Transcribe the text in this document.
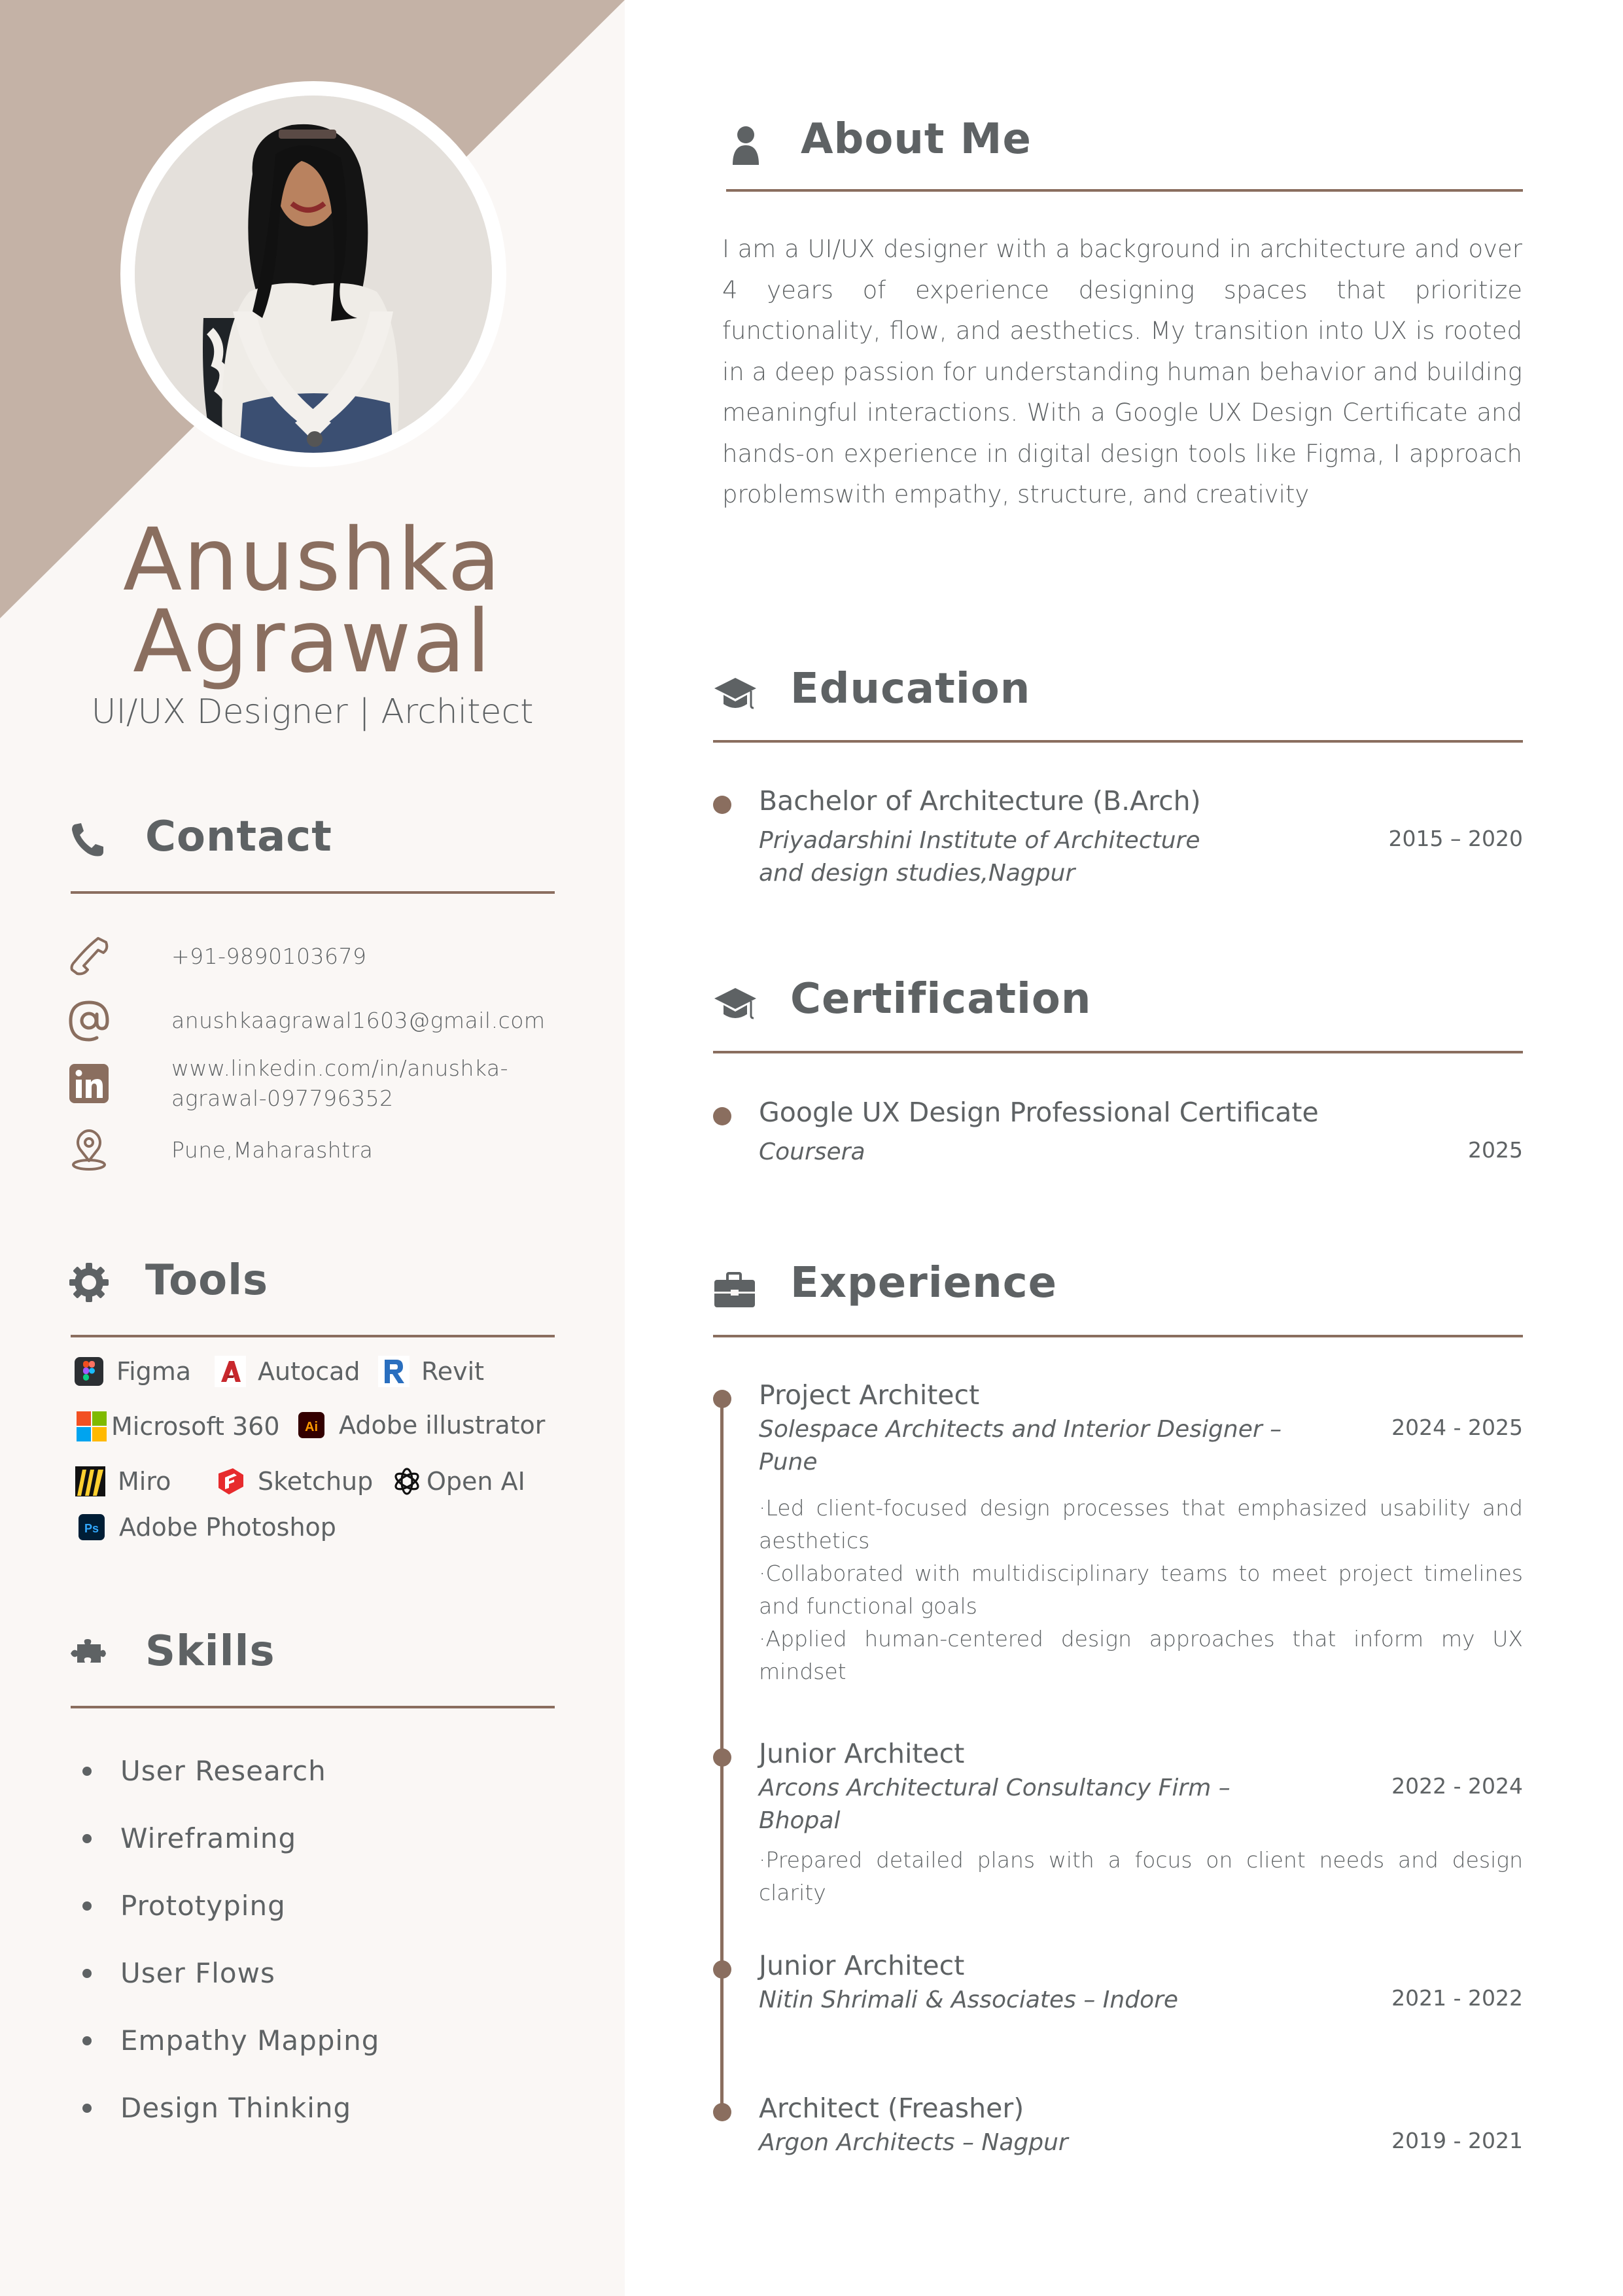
Anushka
Agrawal
UI/UX Designer | Architect
Contact
+91-9890103679
anushkaagrawal1603@gmail.com
www.linkedin.com/in/anushka-agrawal-097796352
Pune,Maharashtra
Tools
Figma	Autocad Revit
Microsoft 360 Ai Adobe illustrator
Miro	Sketchup Open AI
Ps Adobe Photoshop
Skills
User Research
Wireframing
Prototyping
User Flows
Empathy Mapping
Design Thinking
About Me

I am a UI/UX designer with a background in architecture and over 4 years of experience designing spaces that prioritize functionality, flow, and aesthetics. My transition into UX is rooted in a deep passion for understanding human behavior and building meaningful interactions. With a Google UX Design Certificate and hands-on experience in digital design tools like Figma, I approach problemswith empathy, structure, and creativity

Education
Bachelor of Architecture (B.Arch)
Priyadarshini Institute of Architecture and design studies,Nagpur
2015 – 2020
Certification
Google UX Design Professional Certificate
Coursera	2025
Experience
Project Architect
Solespace Architects and Interior Designer – Pune
2024 - 2025
·Led client-focused design processes that emphasized usability and aesthetics
·Collaborated with multidisciplinary teams to meet project timelines and functional goals
·Applied human-centered design approaches that inform my UX mindset
Junior Architect
Arcons Architectural Consultancy Firm – Bhopal
2022 - 2024
·Prepared detailed plans with a focus on client needs and design clarity
Junior Architect
Nitin Shrimali & Associates – Indore	2021 - 2022
Architect (Freasher)
Argon Architects – Nagpur	2019 - 2021
